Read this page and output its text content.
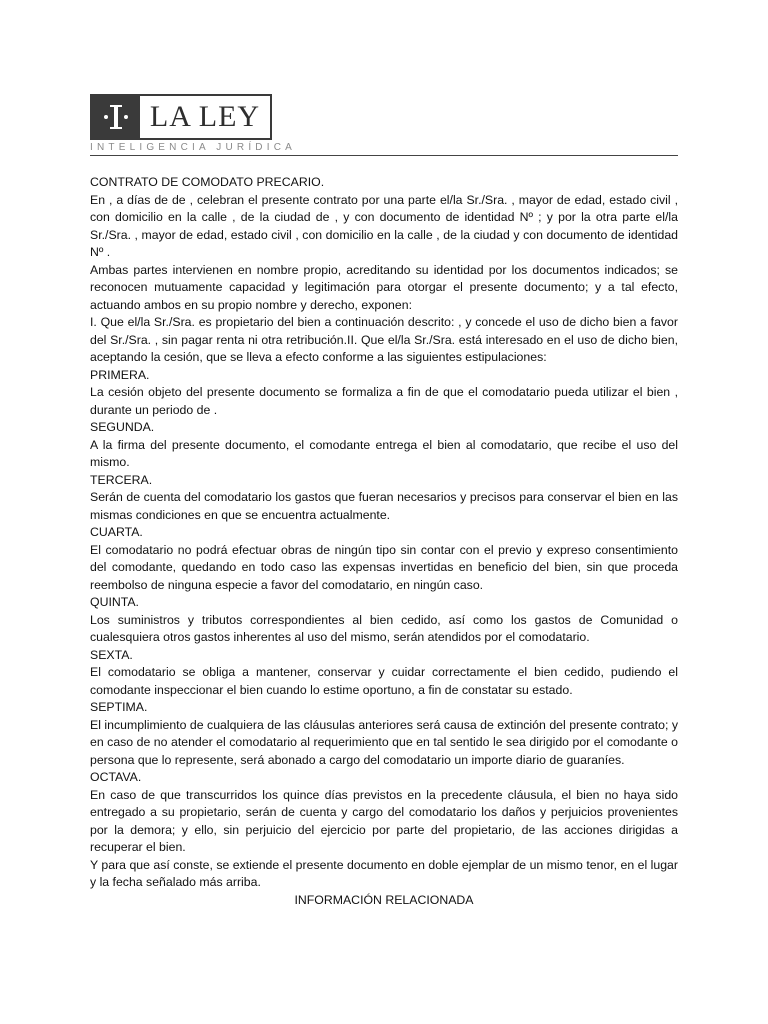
LA LEY
INTELIGENCIA JURÍDICA

CONTRATO DE COMODATO PRECARIO.

En , a días de de , celebran el presente contrato por una parte el/la Sr./Sra. , mayor de edad, estado civil , con domicilio en la calle , de la ciudad de , y con documento de identidad Nº ; y por la otra parte el/la Sr./Sra. , mayor de edad, estado civil , con domicilio en la calle , de la ciudad y con documento de identidad Nº .

Ambas partes intervienen en nombre propio, acreditando su identidad por los documentos indicados; se reconocen mutuamente capacidad y legitimación para otorgar el presente documento; y a tal efecto, actuando ambos en su propio nombre y derecho, exponen:

I. Que el/la Sr./Sra. es propietario del bien a continuación descrito: , y concede el uso de dicho bien a favor del Sr./Sra. , sin pagar renta ni otra retribución.II. Que el/la Sr./Sra. está interesado en el uso de dicho bien, aceptando la cesión, que se lleva a efecto conforme a las siguientes estipulaciones:

PRIMERA.

La cesión objeto del presente documento se formaliza a fin de que el comodatario pueda utilizar el bien , durante un periodo de .

SEGUNDA.

A la firma del presente documento, el comodante entrega el bien al comodatario, que recibe el uso del mismo.

TERCERA.

Serán de cuenta del comodatario los gastos que fueran necesarios y precisos para conservar el bien en las mismas condiciones en que se encuentra actualmente.

CUARTA.

El comodatario no podrá efectuar obras de ningún tipo sin contar con el previo y expreso consentimiento del comodante, quedando en todo caso las expensas invertidas en beneficio del bien, sin que proceda reembolso de ninguna especie a favor del comodatario, en ningún caso.

QUINTA.

Los suministros y tributos correspondientes al bien cedido, así como los gastos de Comunidad o cualesquiera otros gastos inherentes al uso del mismo, serán atendidos por el comodatario.

SEXTA.

El comodatario se obliga a mantener, conservar y cuidar correctamente el bien cedido, pudiendo el comodante inspeccionar el bien cuando lo estime oportuno, a fin de constatar su estado.

SEPTIMA.

El incumplimiento de cualquiera de las cláusulas anteriores será causa de extinción del presente contrato; y en caso de no atender el comodatario al requerimiento que en tal sentido le sea dirigido por el comodante o persona que lo represente, será abonado a cargo del comodatario un importe diario de guaraníes.

OCTAVA.

En caso de que transcurridos los quince días previstos en la precedente cláusula, el bien no haya sido entregado a su propietario, serán de cuenta y cargo del comodatario los daños y perjuicios provenientes por la demora; y ello, sin perjuicio del ejercicio por parte del propietario, de las acciones dirigidas a recuperar el bien.

Y para que así conste, se extiende el presente documento en doble ejemplar de un mismo tenor, en el lugar y la fecha señalado más arriba.

INFORMACIÓN RELACIONADA
